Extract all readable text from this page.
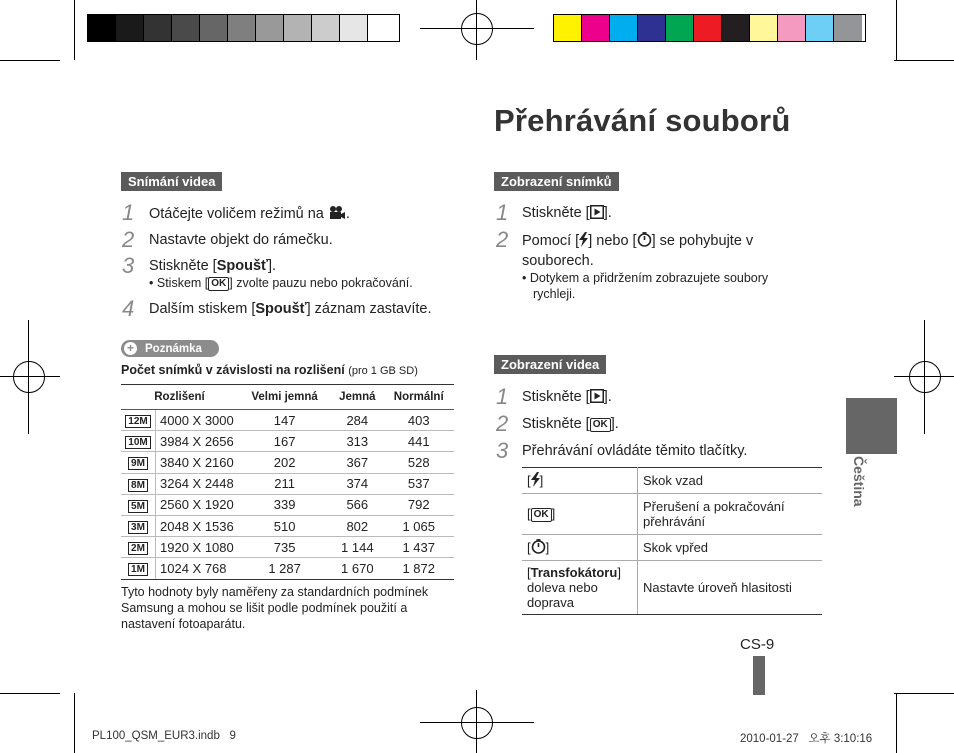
Přehrávání souborů
Snímání videa
1 Otáčejte voličem režimů na .
2 Nastavte objekt do rámečku.
3 Stiskněte [Spoušť].
• Stiskem [ OK ] zvolte pauzu nebo pokračování.
4 Dalším stiskem [Spoušť] záznam zastavíte.
+ Poznámka
Počet snímků v závislosti na rozlišení (pro 1 GB SD)
Rozlišení		Velmi jemná	Jemná	Normální
12M	4000 X 3000	147	284	403
10M	3984 X 2656	167	313	441
9M	3840 X 2160	202	367	528
8M	3264 X 2448	211	374	537
5M	2560 X 1920	339	566	792
3M	2048 X 1536	510	802	1 065
2M	1920 X 1080	735	1 144	1 437
1M	1024 X 768	1 287	1 670	1 872
Tyto hodnoty byly naměřeny za standardních podmínek
Samsung a mohou se lišit podle podmínek použití a
nastavení fotoaparátu.
Zobrazení snímků
1 Stiskněte [ ].
2 Pomocí [ ] nebo [ ] se pohybujte v
souborech.
• Dotykem a přidržením zobrazujete soubory
rychleji.
Zobrazení videa
1 Stiskněte [ ].
2 Stiskněte [ OK ].
3 Přehrávání ovládáte těmito tlačítky.
[ ]	Skok vzad
[ OK ]	Přerušení a pokračování přehrávání
[ ]	Skok vpřed
[Transfokátoru] doleva nebo doprava	Nastavte úroveň hlasitosti
Čeština
CS-9
PL100_QSM_EUR3.indb   9	2010-01-27   오후 3:10:16
